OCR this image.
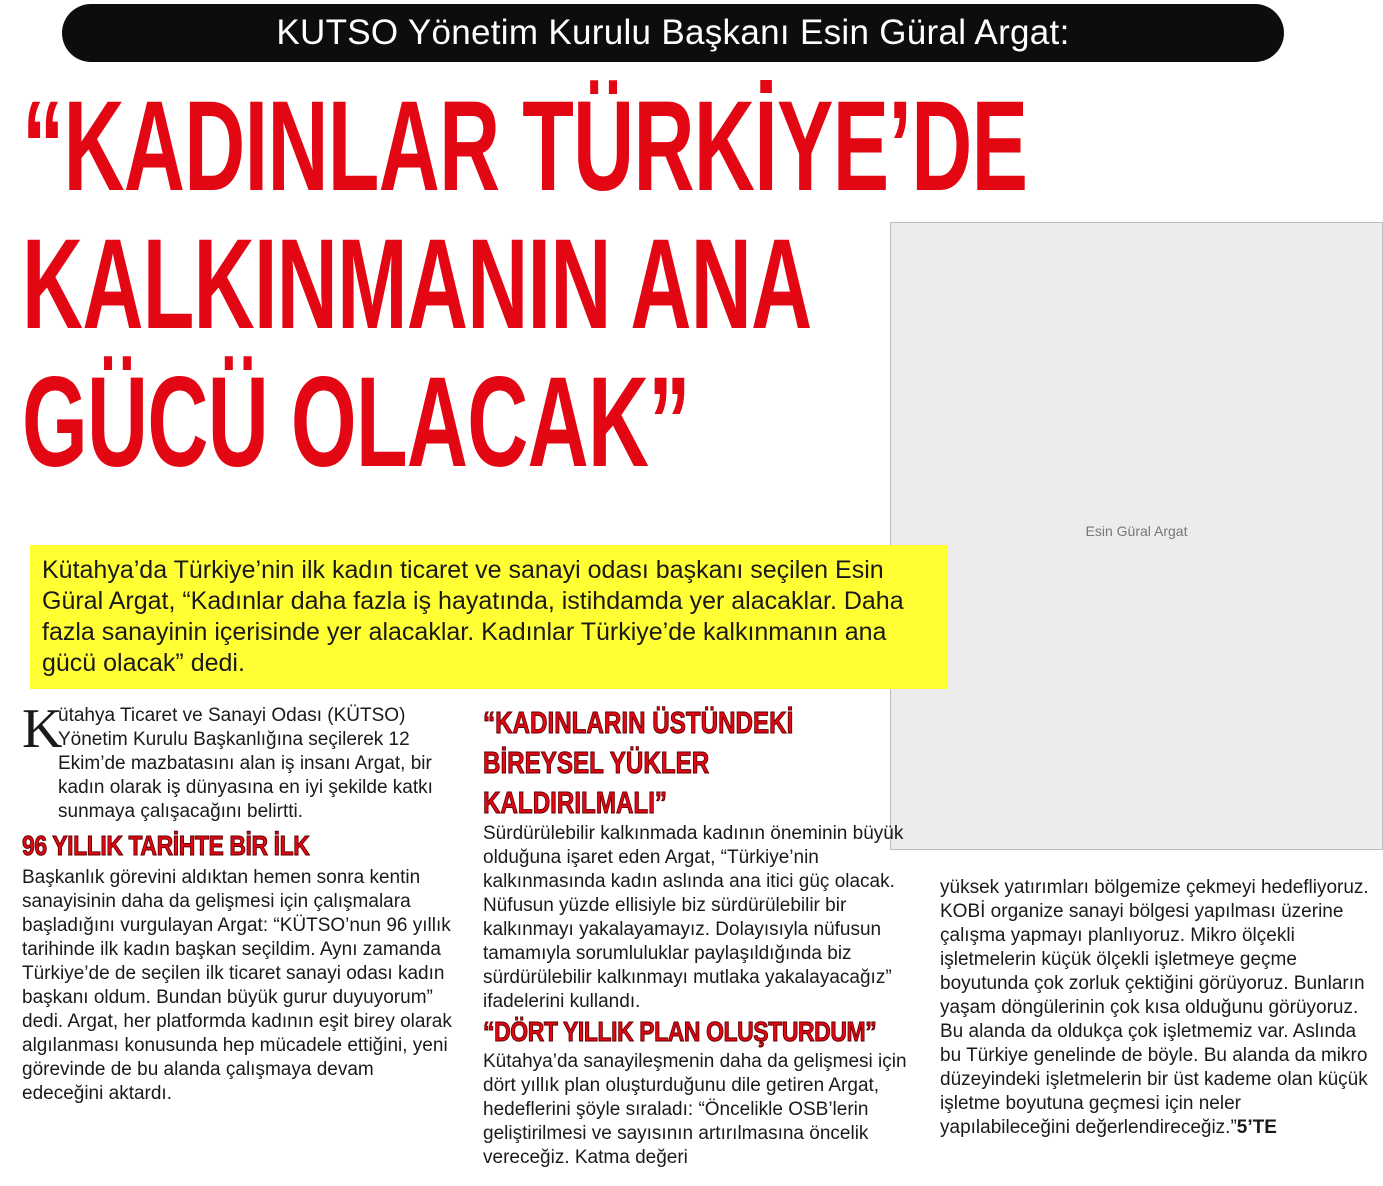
KUTSO Yönetim Kurulu Başkanı Esin Güral Argat:
“KADINLAR TÜRKİYE’DE
KALKINMANIN ANA
GÜCÜ OLACAK”
Esin Güral Argat
Kütahya’da Türkiye’nin ilk kadın ticaret ve sanayi odası başkanı seçilen Esin Güral Argat, “Kadınlar daha fazla iş hayatında, istihdamda yer alacaklar. Daha fazla sanayinin içerisinde yer alacaklar. Kadınlar Türkiye’de kalkınmanın ana gücü olacak” dedi.
K
ütahya Ticaret ve Sanayi Odası (KÜTSO) Yönetim Kurulu Başkanlığına seçilerek 12 Ekim’de mazbatasını alan iş insanı Argat, bir kadın olarak iş dünyasına en iyi şekilde katkı sunmaya çalışacağını belirtti.
96 YILLIK TARİHTE BİR İLK

Başkanlık görevini aldıktan hemen sonra kentin sanayisinin daha da gelişmesi için çalışmalara başladığını vurgulayan Argat: “KÜTSO’nun 96 yıllık tarihinde ilk kadın başkan seçildim. Aynı zamanda Türkiye’de de seçilen ilk ticaret sanayi odası kadın başkanı oldum. Bundan büyük gurur duyuyorum” dedi. Argat, her platformda kadının eşit birey olarak algılanması konusunda hep mücadele ettiğini, yeni görevinde de bu alanda çalışmaya devam edeceğini aktardı.

“KADINLARIN ÜSTÜNDEKİ
BİREYSEL YÜKLER
KALDIRILMALI”

Sürdürülebilir kalkınmada kadının öneminin büyük olduğuna işaret eden Argat, “Türkiye’nin kalkınmasında kadın aslında ana itici güç olacak. Nüfusun yüzde ellisiyle biz sürdürülebilir bir kalkınmayı yakalayamayız. Dolayısıyla nüfusun tamamıyla sorumluluklar paylaşıldığında biz sürdürülebilir kalkınmayı mutlaka yakalayacağız” ifadelerini kullandı.

“DÖRT YILLIK PLAN OLUŞTURDUM”

Kütahya’da sanayileşmenin daha da gelişmesi için dört yıllık plan oluşturduğunu dile getiren Argat, hedeflerini şöyle sıraladı: “Öncelikle OSB’lerin geliştirilmesi ve sayısının artırılmasına öncelik vereceğiz. Katma değeri

yüksek yatırımları bölgemize çekmeyi hedefliyoruz. KOBİ organize sanayi bölgesi yapılması üzerine çalışma yapmayı planlıyoruz. Mikro ölçekli işletmelerin küçük ölçekli işletmeye geçme boyutunda çok zorluk çektiğini görüyoruz. Bunların yaşam döngülerinin çok kısa olduğunu görüyoruz. Bu alanda da oldukça çok işletmemiz var. Aslında bu Türkiye genelinde de böyle. Bu alanda da mikro düzeyindeki işletmelerin bir üst kademe olan küçük işletme boyutuna geçmesi için neler yapılabileceğini değerlendireceğiz.”5’TE
